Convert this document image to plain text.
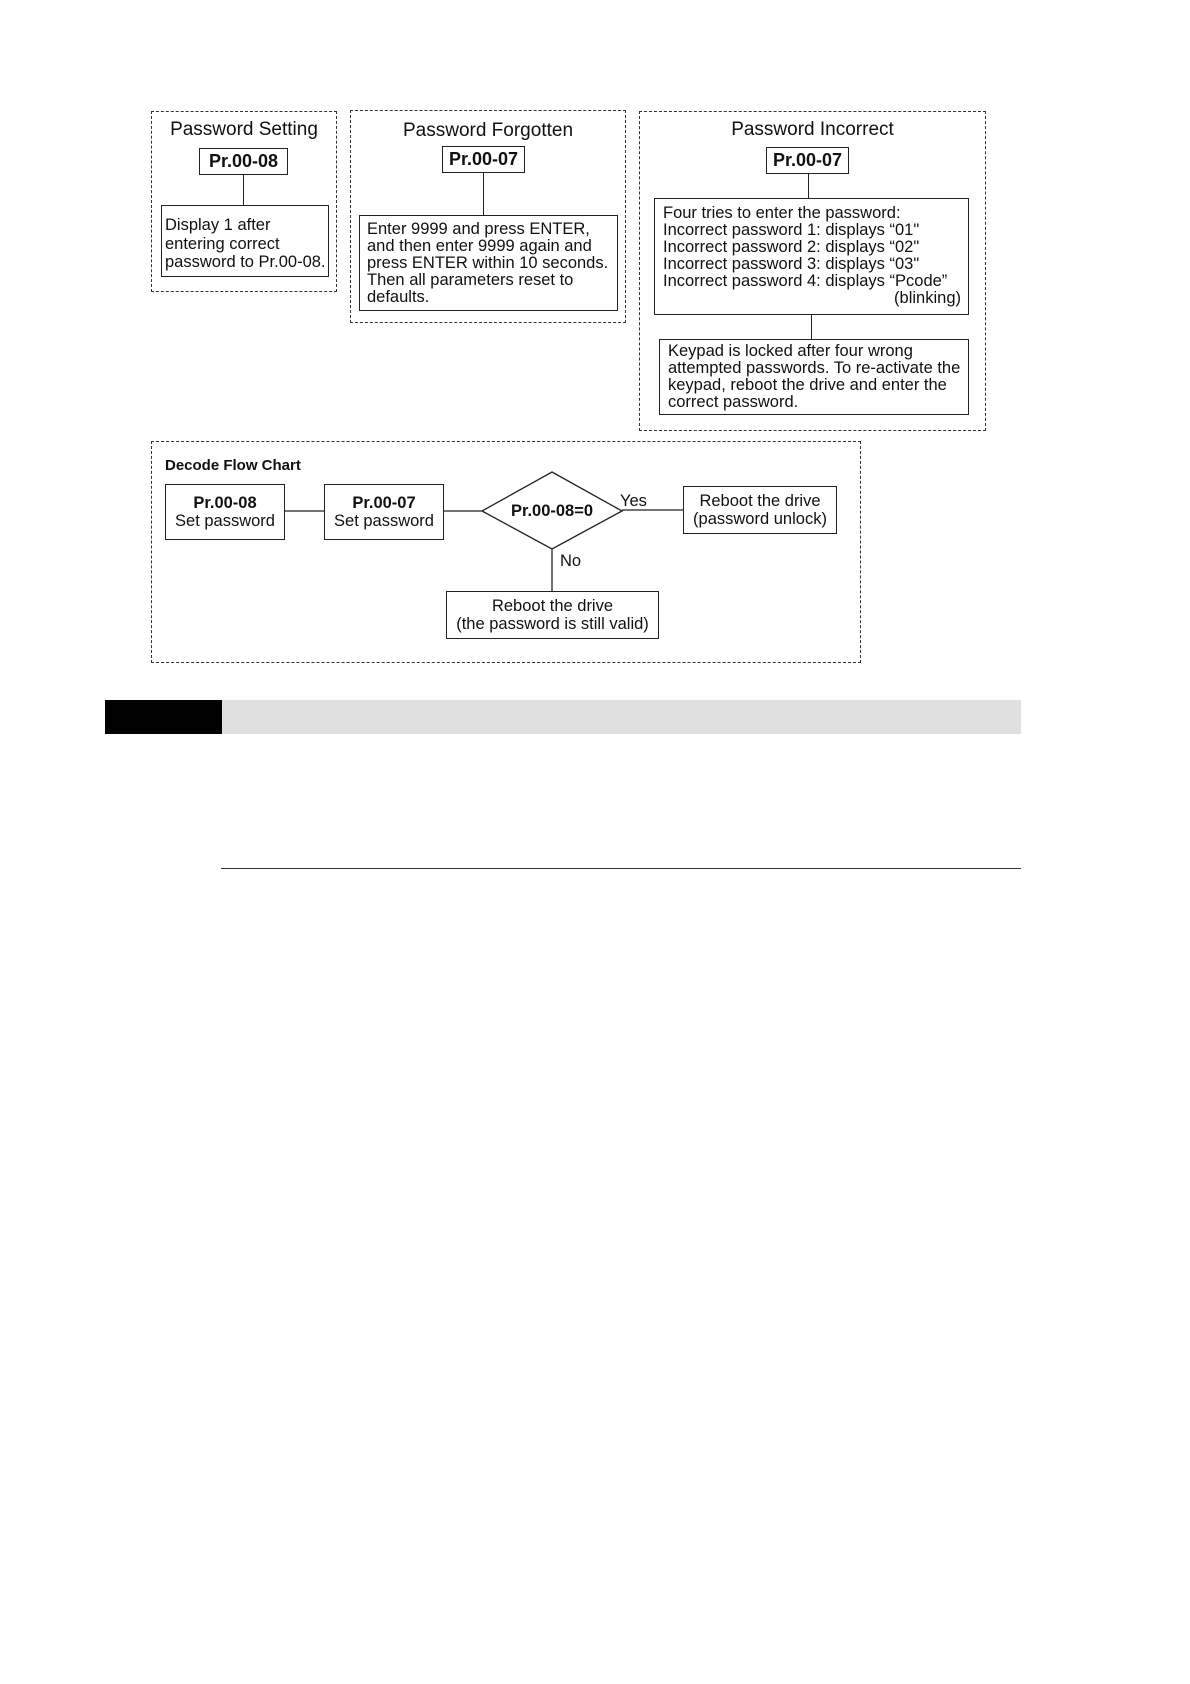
Password Setting
Pr.00-08
Display 1 after
entering correct
password to Pr.00-08.
Password Forgotten
Pr.00-07
Enter 9999 and press ENTER,
and then enter 9999 again and
press ENTER within 10 seconds.
Then all parameters reset to
defaults.
Password Incorrect
Pr.00-07
Four tries to enter the password:
Incorrect password 1: displays “01"
Incorrect password 2: displays “02"
Incorrect password 3: displays “03"
Incorrect password 4: displays “Pcode”
(blinking)
Keypad is locked after four wrong
attempted passwords. To re-activate the
keypad, reboot the drive and enter the
correct password.
Decode Flow Chart
Pr.00-08
Set password
Pr.00-07
Set password
Pr.00-08=0
Yes
No
Reboot the drive
(password unlock)
Reboot the drive
(the password is still valid)
